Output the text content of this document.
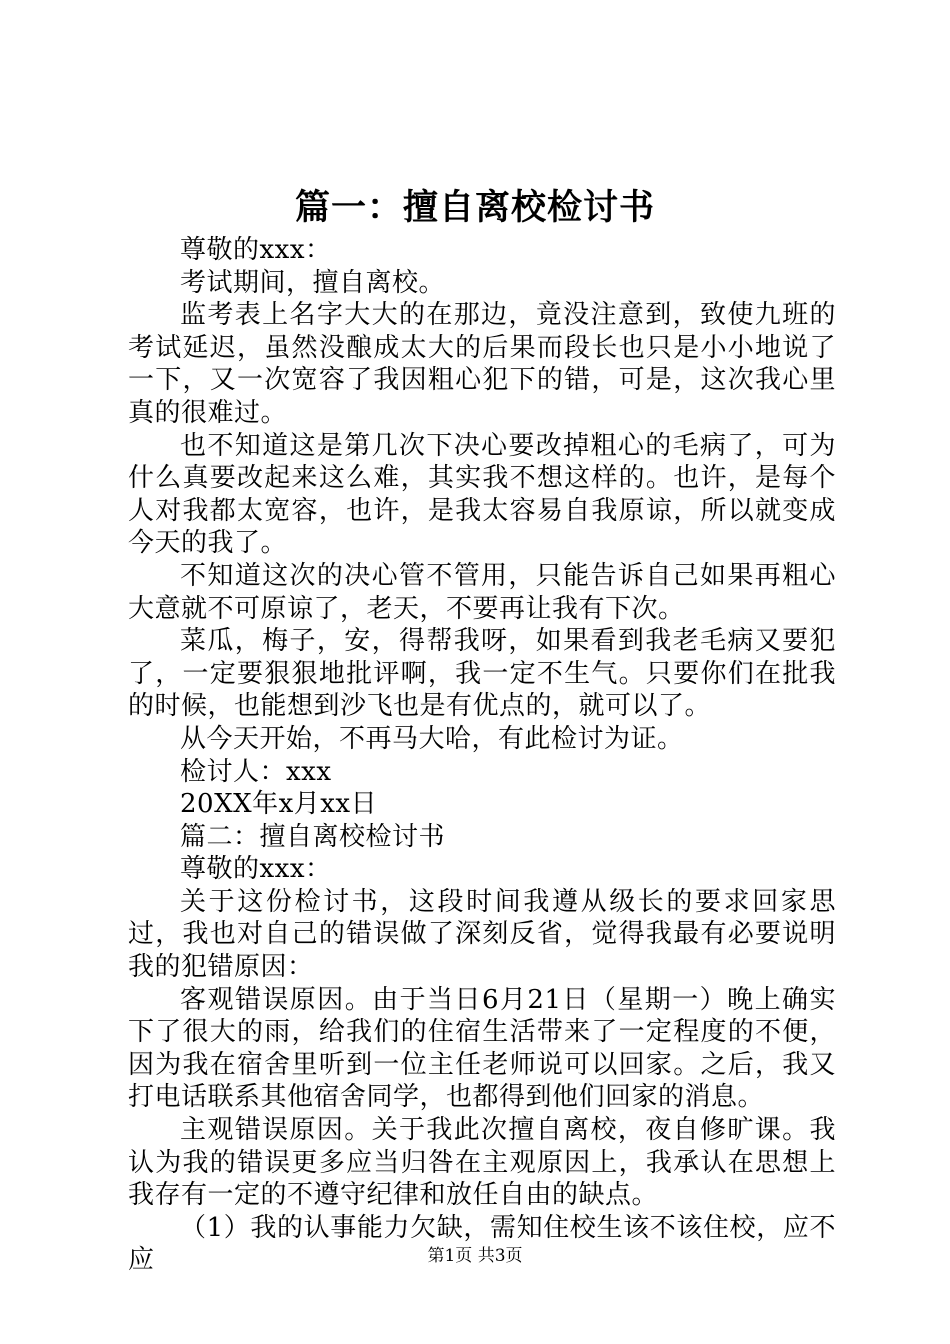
篇一：擅自离校检讨书

尊敬的xxx：

考试期间，擅自离校。

监考表上名字大大的在那边，竟没注意到，致使九班的考试延迟，虽然没酿成太大的后果而段长也只是小小地说了一下，又一次宽容了我因粗心犯下的错，可是，这次我心里真的很难过。

也不知道这是第几次下决心要改掉粗心的毛病了，可为什么真要改起来这么难，其实我不想这样的。也许，是每个人对我都太宽容，也许，是我太容易自我原谅，所以就变成今天的我了。

不知道这次的决心管不管用，只能告诉自己如果再粗心大意就不可原谅了，老天，不要再让我有下次。

菜瓜，梅子，安，得帮我呀，如果看到我老毛病又要犯了，一定要狠狠地批评啊，我一定不生气。只要你们在批我的时候，也能想到沙飞也是有优点的，就可以了。

从今天开始，不再马大哈，有此检讨为证。

检讨人：xxx

20XX年x月xx日

篇二：擅自离校检讨书

尊敬的xxx：

关于这份检讨书，这段时间我遵从级长的要求回家思过，我也对自己的错误做了深刻反省，觉得我最有必要说明我的犯错原因：

客观错误原因。由于当日6月21日（星期一）晚上确实下了很大的雨，给我们的住宿生活带来了一定程度的不便，因为我在宿舍里听到一位主任老师说可以回家。之后，我又打电话联系其他宿舍同学，也都得到他们回家的消息。

主观错误原因。关于我此次擅自离校，夜自修旷课。我认为我的错误更多应当归咎在主观原因上，我承认在思想上我存有一定的不遵守纪律和放任自由的缺点。

（1）我的认事能力欠缺，需知住校生该不该住校，应不应	第1页 共3页
